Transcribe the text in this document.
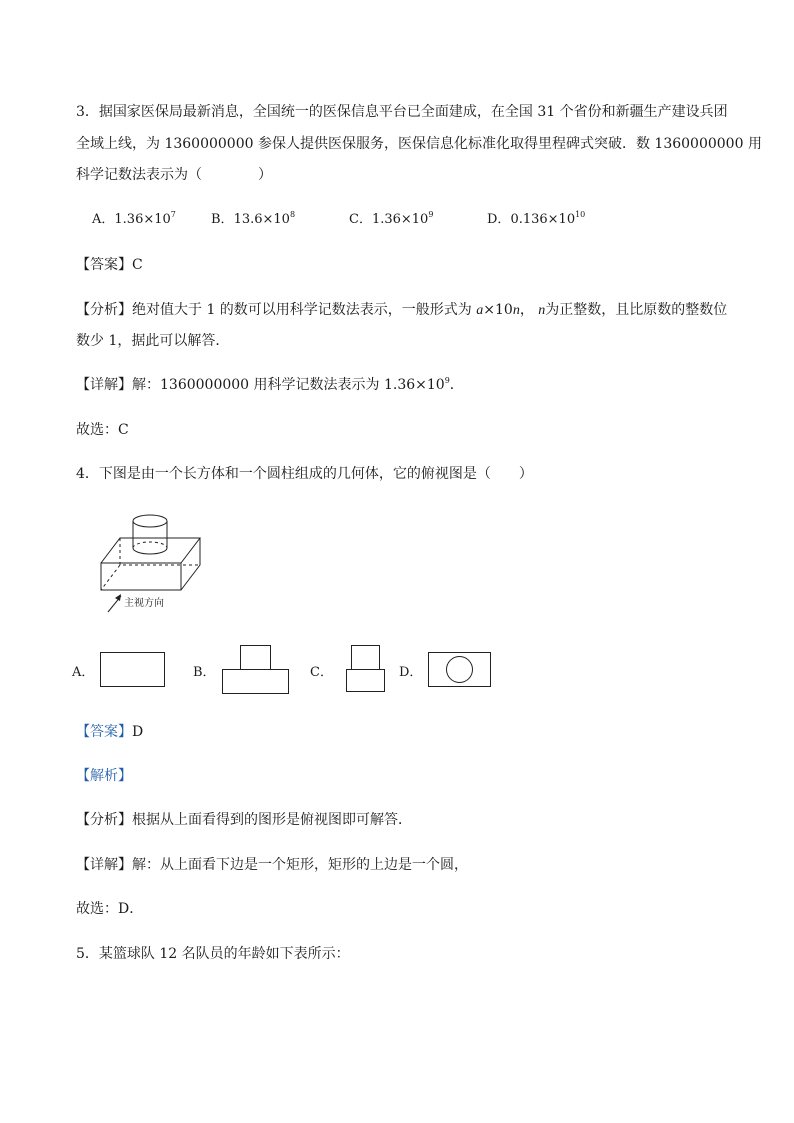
3．据国家医保局最新消息，全国统一的医保信息平台已全面建成，在全国 31 个省份和新疆生产建设兵团
全域上线，为 1360000000 参保人提供医保服务，医保信息化标准化取得里程碑式突破．数 1360000000 用
科学记数法表示为（　　　　）
A．$1.36\times 10^7$	B．$13.6\times 10^8$	C．$1.36\times 10^9$	D．$0.136\times 10^{10}$
【答案】C
【分析】绝对值大于 1 的数可以用科学记数法表示，一般形式为 a×10n， n为正整数，且比原数的整数位
数少 1，据此可以解答．
【详解】解：1360000000 用科学记数法表示为 $1.36\times 10^9$．
故选：C
4．下图是由一个长方体和一个圆柱组成的几何体，它的俯视图是（　　）
主视方向
A．	B．	C．	D．
【答案】D
【解析】
【分析】根据从上面看得到的图形是俯视图即可解答．
【详解】解：从上面看下边是一个矩形，矩形的上边是一个圆，
故选：D．
5．某篮球队 12 名队员的年龄如下表所示：
